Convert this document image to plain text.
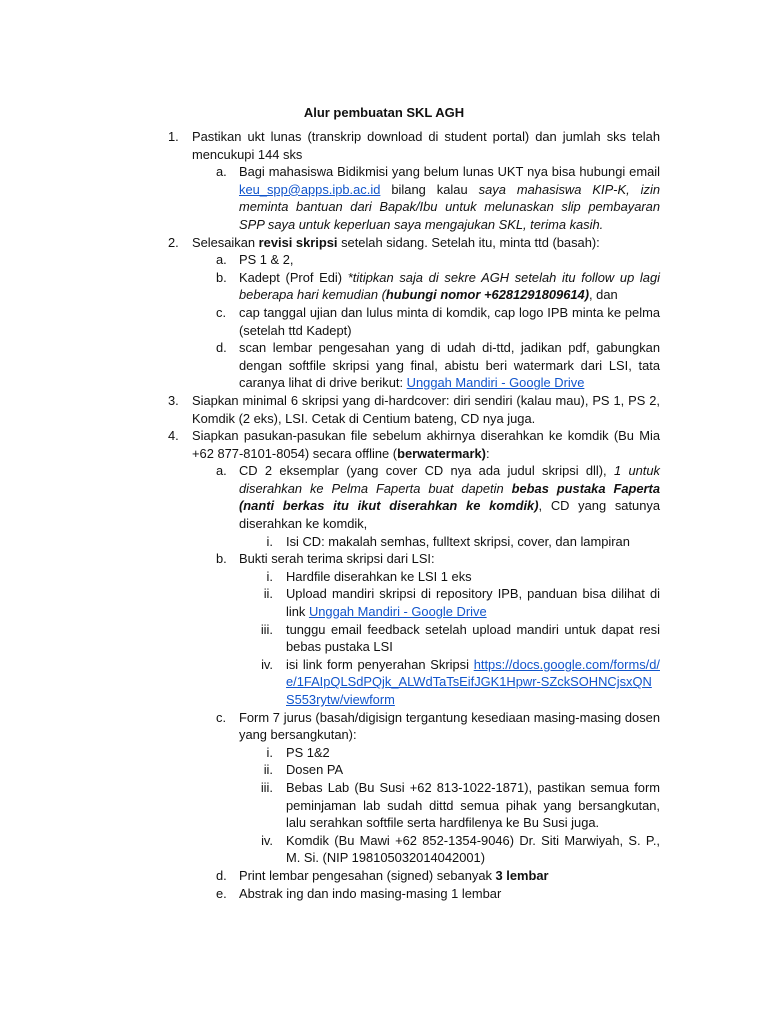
Alur pembuatan SKL AGH
1. Pastikan ukt lunas (transkrip download di student portal) dan jumlah sks telah mencukupi 144 sks
a. Bagi mahasiswa Bidikmisi yang belum lunas UKT nya bisa hubungi email keu_spp@apps.ipb.ac.id bilang kalau saya mahasiswa KIP-K, izin meminta bantuan dari Bapak/Ibu untuk melunaskan slip pembayaran SPP saya untuk keperluan saya mengajukan SKL, terima kasih.
2. Selesaikan revisi skripsi setelah sidang. Setelah itu, minta ttd (basah):
a. PS 1 & 2,
b. Kadept (Prof Edi) *titipkan saja di sekre AGH setelah itu follow up lagi beberapa hari kemudian (hubungi nomor +6281291809614), dan
c. cap tanggal ujian dan lulus minta di komdik, cap logo IPB minta ke pelma (setelah ttd Kadept)
d. scan lembar pengesahan yang di udah di-ttd, jadikan pdf, gabungkan dengan softfile skripsi yang final, abistu beri watermark dari LSI, tata caranya lihat di drive berikut: Unggah Mandiri - Google Drive
3. Siapkan minimal 6 skripsi yang di-hardcover: diri sendiri (kalau mau), PS 1, PS 2, Komdik (2 eks), LSI. Cetak di Centium bateng, CD nya juga.
4. Siapkan pasukan-pasukan file sebelum akhirnya diserahkan ke komdik (Bu Mia +62 877-8101-8054) secara offline (berwatermark):
a. CD 2 eksemplar (yang cover CD nya ada judul skripsi dll), 1 untuk diserahkan ke Pelma Faperta buat dapetin bebas pustaka Faperta (nanti berkas itu ikut diserahkan ke komdik), CD yang satunya diserahkan ke komdik,
i. Isi CD: makalah semhas, fulltext skripsi, cover, dan lampiran
b. Bukti serah terima skripsi dari LSI:
i. Hardfile diserahkan ke LSI 1 eks
ii. Upload mandiri skripsi di repository IPB, panduan bisa dilihat di link Unggah Mandiri - Google Drive
iii. tunggu email feedback setelah upload mandiri untuk dapat resi bebas pustaka LSI
iv. isi link form penyerahan Skripsi https://docs.google.com/forms/d/e/1FAIpQLSdPQjk_ALWdTaTsEifJGK1Hpwr-SZckSOHNCjsxQNS553rytw/viewform
c. Form 7 jurus (basah/digisign tergantung kesediaan masing-masing dosen yang bersangkutan):
i. PS 1&2
ii. Dosen PA
iii. Bebas Lab (Bu Susi +62 813-1022-1871), pastikan semua form peminjaman lab sudah dittd semua pihak yang bersangkutan, lalu serahkan softfile serta hardfilenya ke Bu Susi juga.
iv. Komdik (Bu Mawi +62 852-1354-9046) Dr. Siti Marwiyah, S. P., M. Si. (NIP 198105032014042001)
d. Print lembar pengesahan (signed) sebanyak 3 lembar
e. Abstrak ing dan indo masing-masing 1 lembar
